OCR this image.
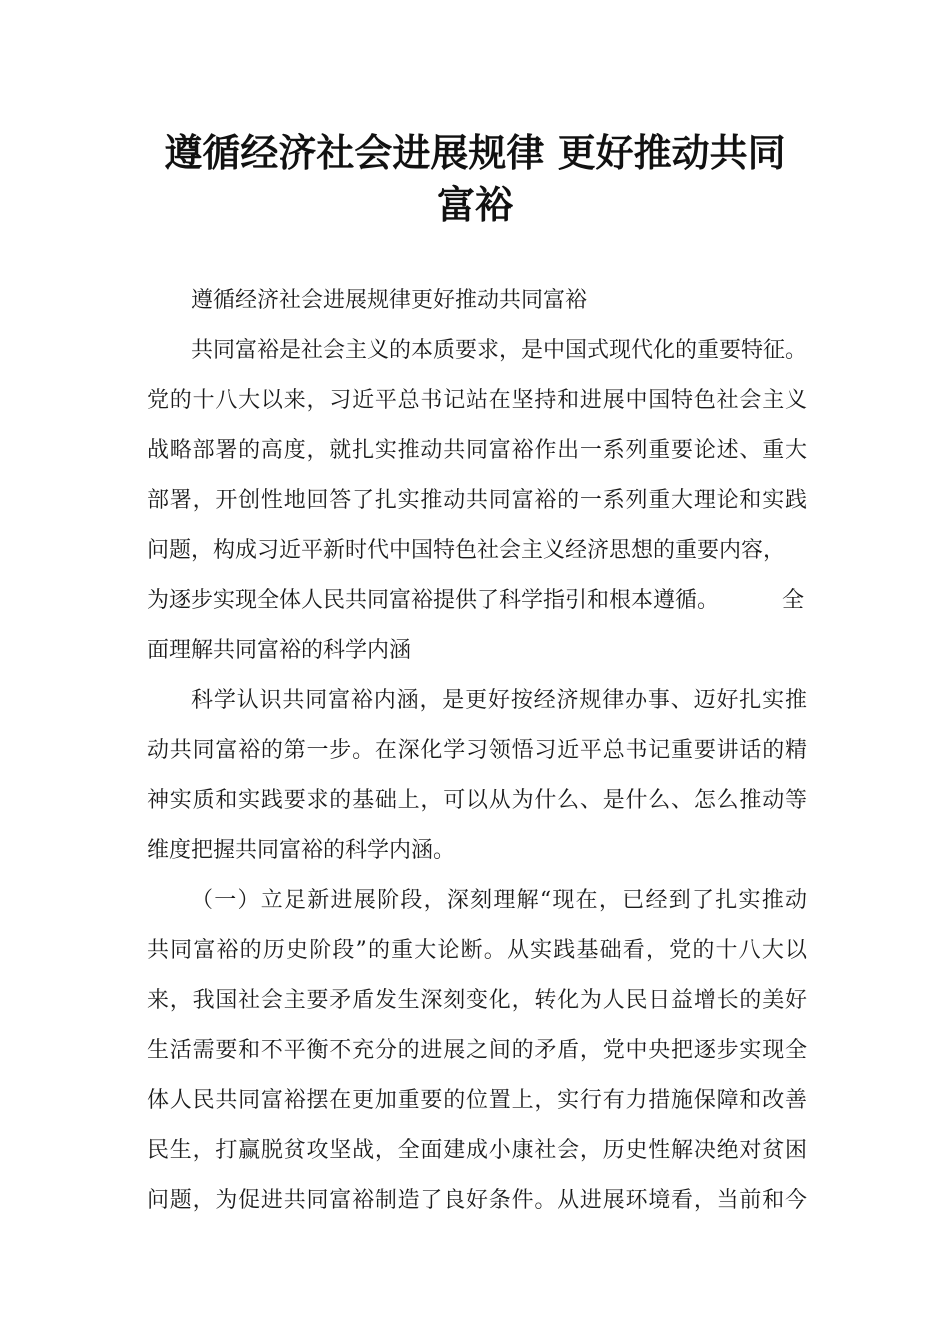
遵循经济社会进展规律 更好推动共同
富裕
遵循经济社会进展规律更好推动共同富裕
共同富裕是社会主义的本质要求，是中国式现代化的重要特征。
党的十八大以来，习近平总书记站在坚持和进展中国特色社会主义
战略部署的高度，就扎实推动共同富裕作出一系列重要论述、重大
部署，开创性地回答了扎实推动共同富裕的一系列重大理论和实践
问题，构成习近平新时代中国特色社会主义经济思想的重要内容，
为逐步实现全体人民共同富裕提供了科学指引和根本遵循。	全
面理解共同富裕的科学内涵
科学认识共同富裕内涵，是更好按经济规律办事、迈好扎实推
动共同富裕的第一步。在深化学习领悟习近平总书记重要讲话的精
神实质和实践要求的基础上，可以从为什么、是什么、怎么推动等
维度把握共同富裕的科学内涵。
（一）立足新进展阶段，深刻理解“现在，已经到了扎实推动
共同富裕的历史阶段”的重大论断。从实践基础看，党的十八大以
来，我国社会主要矛盾发生深刻变化，转化为人民日益增长的美好
生活需要和不平衡不充分的进展之间的矛盾，党中央把逐步实现全
体人民共同富裕摆在更加重要的位置上，实行有力措施保障和改善
民生，打赢脱贫攻坚战，全面建成小康社会，历史性解决绝对贫困
问题，为促进共同富裕制造了良好条件。从进展环境看，当前和今
